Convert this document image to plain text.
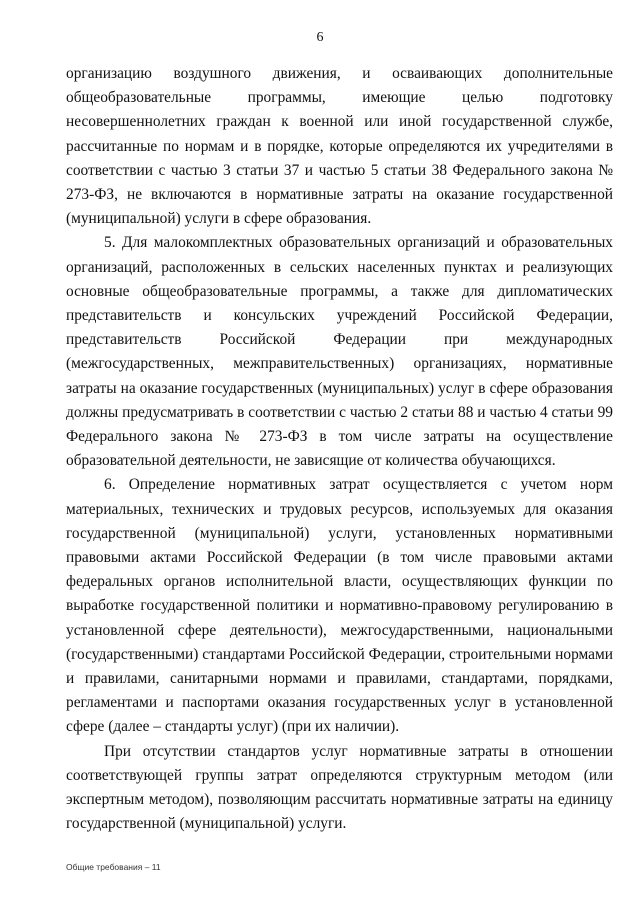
6

организацию воздушного движения, и осваивающих дополнительные общеобразовательные программы, имеющие целью подготовку несовершеннолетних граждан к военной или иной государственной службе, рассчитанные по нормам и в порядке, которые определяются их учредителями в соответствии с частью 3 статьи 37 и частью 5 статьи 38 Федерального закона № 273-ФЗ, не включаются в нормативные затраты на оказание государственной (муниципальной) услуги в сфере образования.

5. Для малокомплектных образовательных организаций и образовательных организаций, расположенных в сельских населенных пунктах и реализующих основные общеобразовательные программы, а также для дипломатических представительств и консульских учреждений Российской Федерации, представительств Российской Федерации при международных (межгосударственных, межправительственных) организациях, нормативные затраты на оказание государственных (муниципальных) услуг в сфере образования должны предусматривать в соответствии с частью 2 статьи 88 и частью 4 статьи 99 Федерального закона № 273-ФЗ в том числе затраты на осуществление образовательной деятельности, не зависящие от количества обучающихся.

6. Определение нормативных затрат осуществляется с учетом норм материальных, технических и трудовых ресурсов, используемых для оказания государственной (муниципальной) услуги, установленных нормативными правовыми актами Российской Федерации (в том числе правовыми актами федеральных органов исполнительной власти, осуществляющих функции по выработке государственной политики и нормативно-правовому регулированию в установленной сфере деятельности), межгосударственными, национальными (государственными) стандартами Российской Федерации, строительными нормами и правилами, санитарными нормами и правилами, стандартами, порядками, регламентами и паспортами оказания государственных услуг в установленной сфере (далее – стандарты услуг) (при их наличии).

При отсутствии стандартов услуг нормативные затраты в отношении соответствующей группы затрат определяются структурным методом (или экспертным методом), позволяющим рассчитать нормативные затраты на единицу государственной (муниципальной) услуги.

Общие требования – 11
